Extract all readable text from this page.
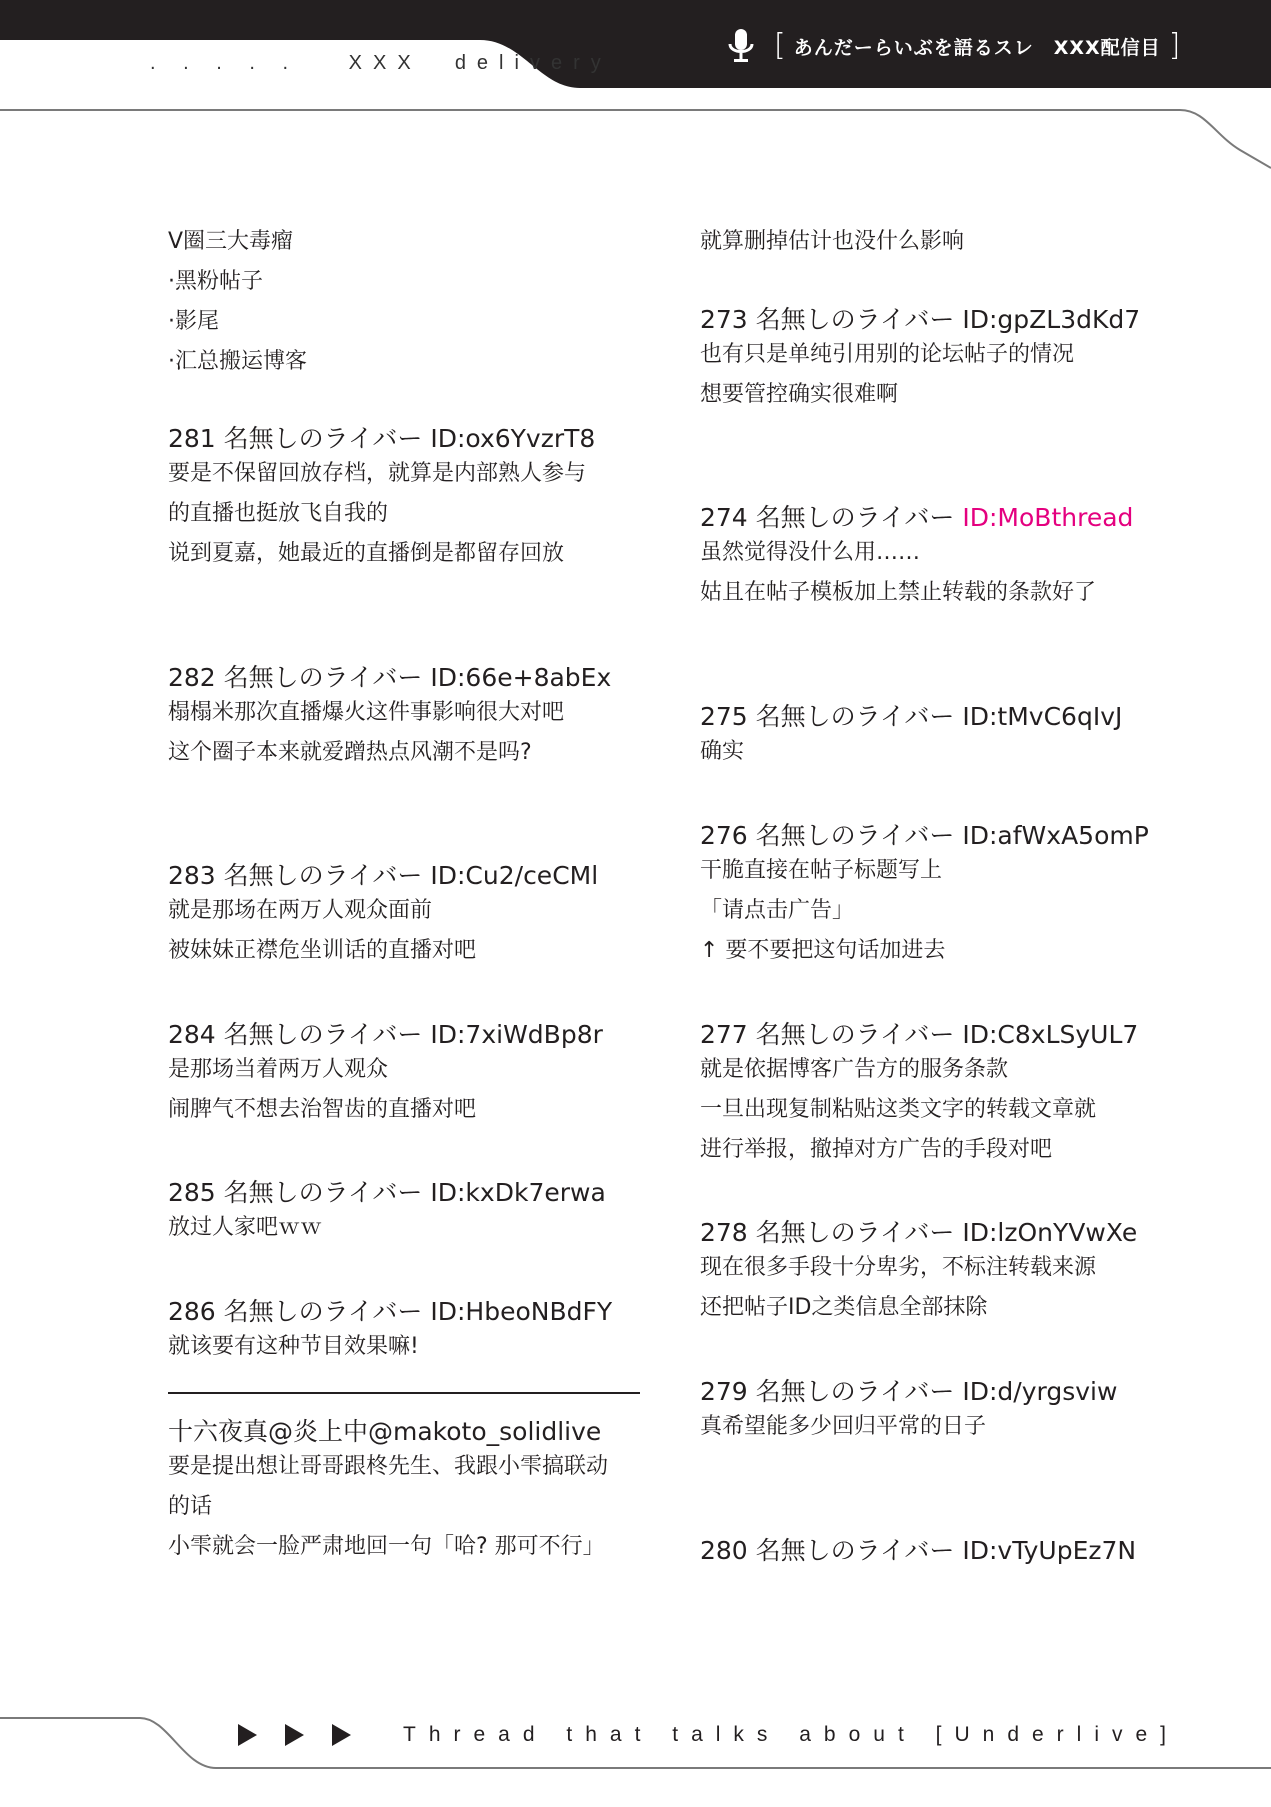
. . . . .   XXX  delivery	[ あんだーらいぶを語るスレ　XXX配信目 ]
V圈三大毒瘤
·黑粉帖子
·影尾
·汇总搬运博客
281 名無しのライバー ID:ox6YvzrT8
要是不保留回放存档，就算是内部熟人参与
的直播也挺放飞自我的
说到夏嘉，她最近的直播倒是都留存回放
282 名無しのライバー ID:66e+8abEx
榻榻米那次直播爆火这件事影响很大对吧
这个圈子本来就爱蹭热点风潮不是吗?
283 名無しのライバー ID:Cu2/ceCMl
就是那场在两万人观众面前
被妹妹正襟危坐训话的直播对吧
284 名無しのライバー ID:7xiWdBp8r
是那场当着两万人观众
闹脾气不想去治智齿的直播对吧
285 名無しのライバー ID:kxDk7erwa
放过人家吧ｗｗ
286 名無しのライバー ID:HbeoNBdFY
就该要有这种节目效果嘛!
十六夜真@炎上中@makoto_solidlive
要是提出想让哥哥跟柊先生、我跟小雫搞联动
的话
小雫就会一脸严肃地回一句「哈? 那可不行」
就算删掉估计也没什么影响
273 名無しのライバー ID:gpZL3dKd7
也有只是单纯引用别的论坛帖子的情况
想要管控确实很难啊
274 名無しのライバー ID:MoBthread
虽然觉得没什么用……
姑且在帖子模板加上禁止转载的条款好了
275 名無しのライバー ID:tMvC6qIvJ
确实
276 名無しのライバー ID:afWxA5omP
干脆直接在帖子标题写上
「请点击广告」
↑ 要不要把这句话加进去
277 名無しのライバー ID:C8xLSyUL7
就是依据博客广告方的服务条款
一旦出现复制粘贴这类文字的转载文章就
进行举报，撤掉对方广告的手段对吧
278 名無しのライバー ID:lzOnYVwXe
现在很多手段十分卑劣，不标注转载来源
还把帖子ID之类信息全部抹除
279 名無しのライバー ID:d/yrgsviw
真希望能多少回归平常的日子
280 名無しのライバー ID:vTyUpEz7N
Thread that talks about [Underlive]
